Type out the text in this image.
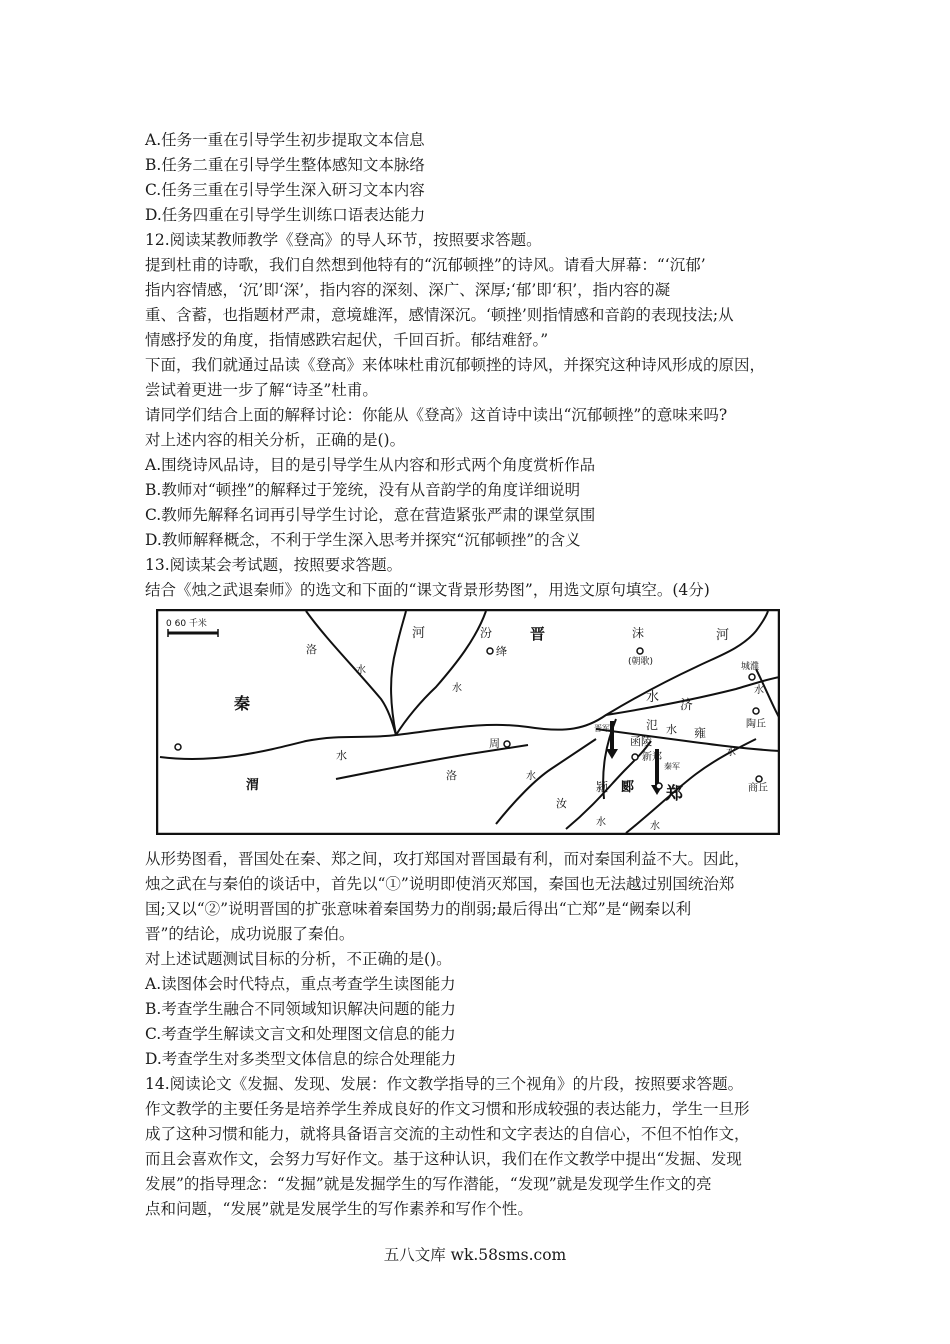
A.任务一重在引导学生初步提取文本信息
B.任务二重在引导学生整体感知文本脉络
C.任务三重在引导学生深入研习文本内容
D.任务四重在引导学生训练口语表达能力
12.阅读某教师教学《登高》的导人环节，按照要求答题。
提到杜甫的诗歌，我们自然想到他特有的“沉郁顿挫”的诗风。请看大屏幕：“‘沉郁’
指内容情感，‘沉’即‘深’，指内容的深刻、深广、深厚;‘郁’即‘积’，指内容的凝
重、含蓄，也指题材严肃，意境雄浑，感情深沉。‘顿挫’则指情感和音韵的表现技法;从
情感抒发的角度，指情感跌宕起伏，千回百折。郁结难舒。”
下面，我们就通过品读《登高》来体味杜甫沉郁顿挫的诗风，并探究这种诗风形成的原因，
尝试着更进一步了解“诗圣”杜甫。
请同学们结合上面的解释讨论：你能从《登高》这首诗中读出“沉郁顿挫”的意味来吗?
对上述内容的相关分析，正确的是()。
A.围绕诗风品诗，目的是引导学生从内容和形式两个角度赏析作品
B.教师对“顿挫”的解释过于笼统，没有从音韵学的角度详细说明
C.教师先解释名词再引导学生讨论，意在营造紧张严肃的课堂氛围
D.教师解释概念，不利于学生深入思考并探究“沉郁顿挫”的含义
13.阅读某会考试题，按照要求答题。
结合《烛之武退秦师》的选文和下面的“课文背景形势图”，用选文原句填空。(4分)
0 60 千米
河	汾	晋
洛	绛
沫
(朝歌)
河
城濮
水
水	水
秦	济
水
陶丘
晋军
函陵
氾 水 雍
周
新郑
秦军
水
渭
水
洛	水
汝
颍 郾 郑	商丘
水	水
从形势图看，晋国处在秦、郑之间，攻打郑国对晋国最有利，而对秦国利益不大。因此，
烛之武在与秦伯的谈话中，首先以“①”说明即使消灭郑国，秦国也无法越过别国统治郑
国;又以“②”说明晋国的扩张意味着秦国势力的削弱;最后得出“亡郑”是“阙秦以利
晋”的结论，成功说服了秦伯。
对上述试题测试目标的分析，不正确的是()。
A.读图体会时代特点，重点考查学生读图能力
B.考查学生融合不同领域知识解决问题的能力
C.考查学生解读文言文和处理图文信息的能力
D.考查学生对多类型文体信息的综合处理能力
14.阅读论文《发掘、发现、发展：作文教学指导的三个视角》的片段，按照要求答题。
作文教学的主要任务是培养学生养成良好的作文习惯和形成较强的表达能力，学生一旦形
成了这种习惯和能力，就将具备语言交流的主动性和文字表达的自信心，不但不怕作文，
而且会喜欢作文，会努力写好作文。基于这种认识，我们在作文教学中提出“发掘、发现
发展”的指导理念：“发掘”就是发掘学生的写作潜能，“发现”就是发现学生作文的亮
点和问题，“发展”就是发展学生的写作素养和写作个性。
五八文库 wk.58sms.com
